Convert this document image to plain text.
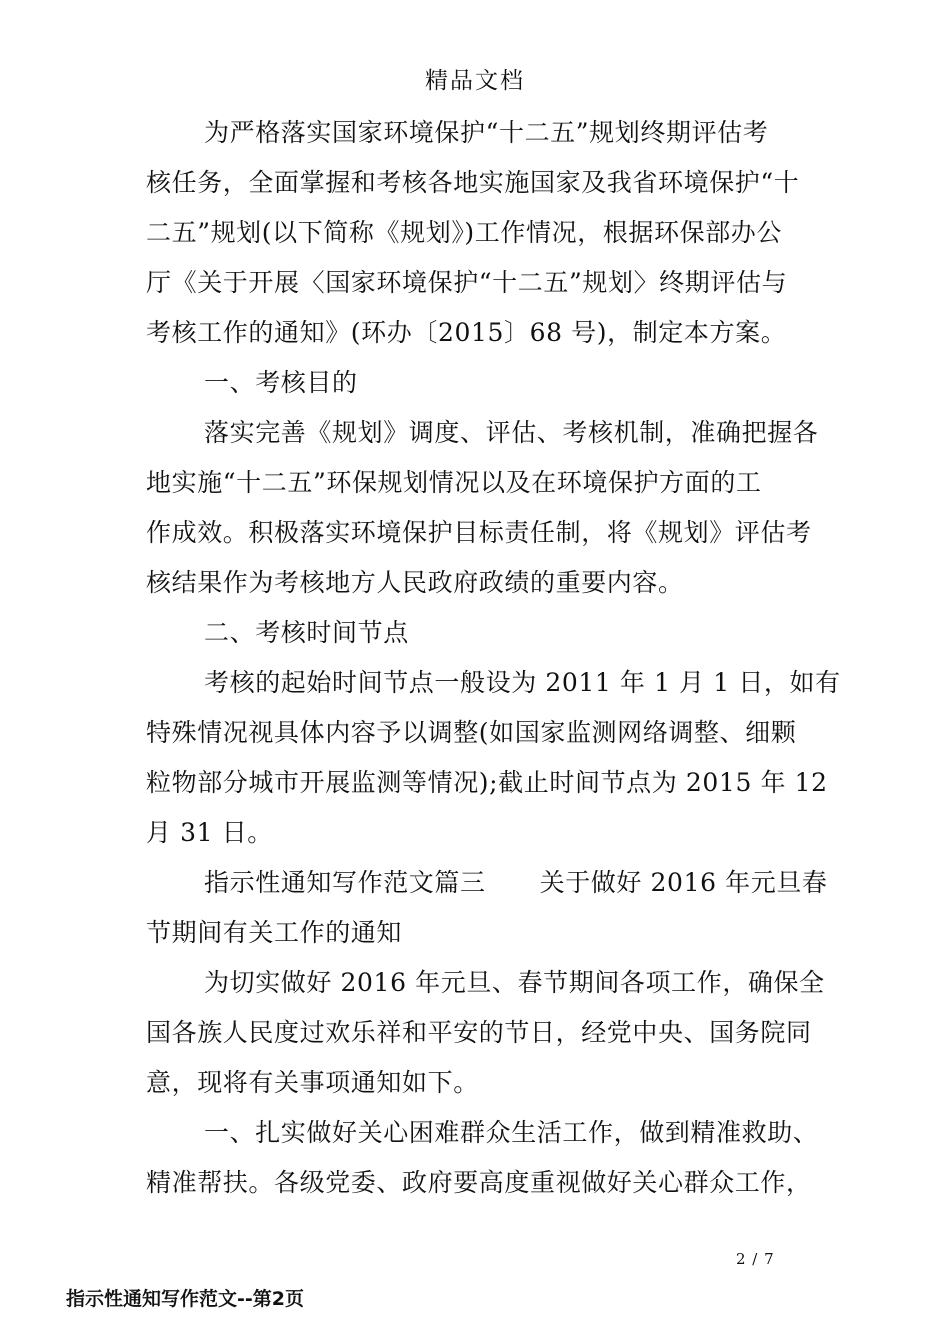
精品文档
为严格落实国家环境保护“十二五”规划终期评估考
核任务，全面掌握和考核各地实施国家及我省环境保护“十
二五”规划(以下简称《规划》)工作情况，根据环保部办公
厅《关于开展〈国家环境保护“十二五”规划〉终期评估与
考核工作的通知》(环办〔2015〕68 号)，制定本方案。
一、考核目的
落实完善《规划》调度、评估、考核机制，准确把握各
地实施“十二五”环保规划情况以及在环境保护方面的工
作成效。积极落实环境保护目标责任制，将《规划》评估考
核结果作为考核地方人民政府政绩的重要内容。
二、考核时间节点
考核的起始时间节点一般设为 2011 年 1 月 1 日，如有
特殊情况视具体内容予以调整(如国家监测网络调整、细颗
粒物部分城市开展监测等情况);截止时间节点为 2015 年 12
月 31 日。
指示性通知写作范文篇三 关于做好 2016 年元旦春
节期间有关工作的通知
为切实做好 2016 年元旦、春节期间各项工作，确保全
国各族人民度过欢乐祥和平安的节日，经党中央、国务院同
意，现将有关事项通知如下。
一、扎实做好关心困难群众生活工作，做到精准救助、
精准帮扶。各级党委、政府要高度重视做好关心群众工作，
2 / 7
指示性通知写作范文--第2页
